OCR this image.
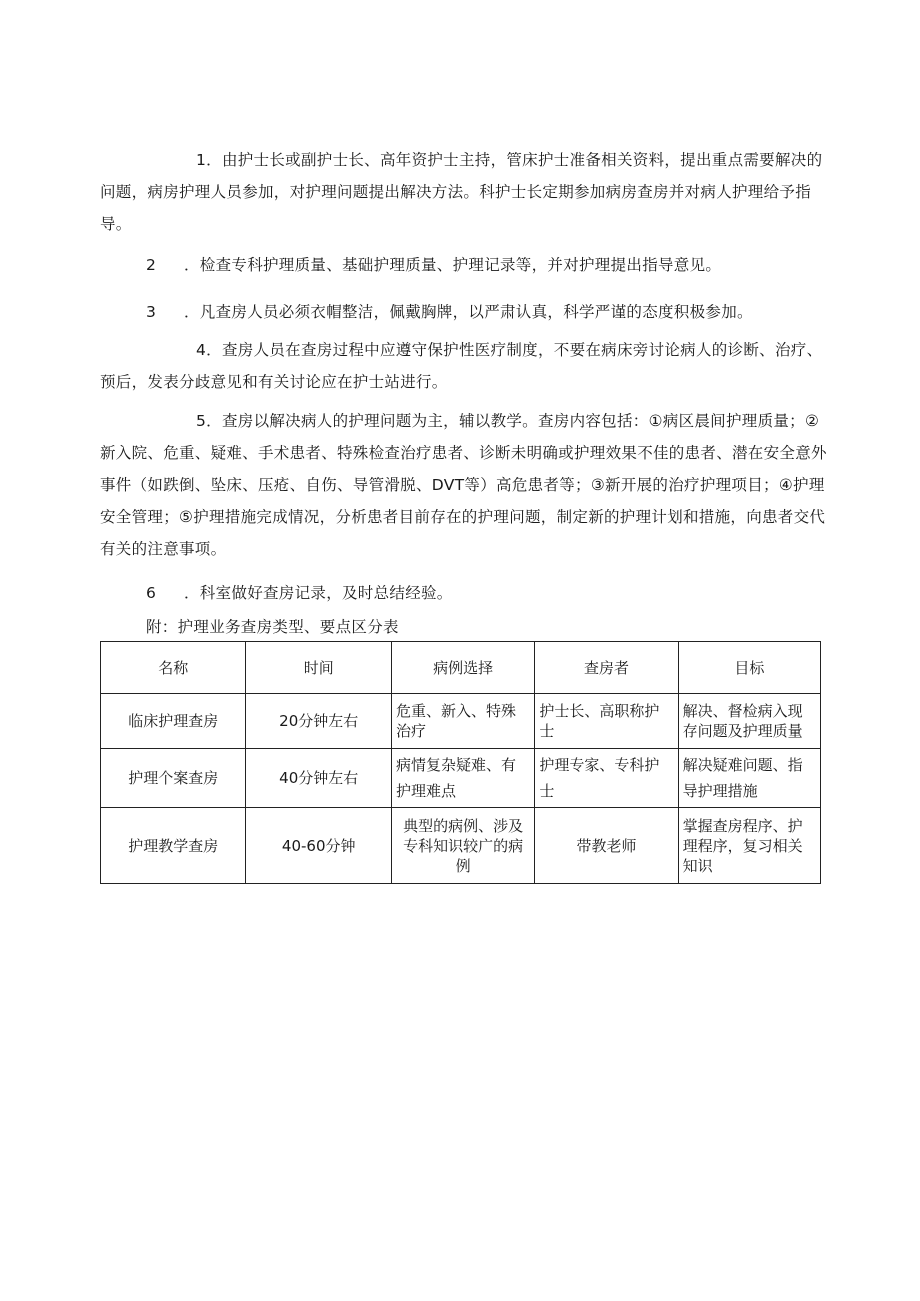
1．由护士长或副护士长、高年资护士主持，管床护士准备相关资料，提出重点需要解决的问题，病房护理人员参加，对护理问题提出解决方法。科护士长定期参加病房查房并对病人护理给予指导。

2 ．检查专科护理质量、基础护理质量、护理记录等，并对护理提出指导意见。

3 ．凡查房人员必须衣帽整洁，佩戴胸牌，以严肃认真，科学严谨的态度积极参加。

4．查房人员在查房过程中应遵守保护性医疗制度，不要在病床旁讨论病人的诊断、治疗、预后，发表分歧意见和有关讨论应在护士站进行。

5．查房以解决病人的护理问题为主，辅以教学。查房内容包括：①病区晨间护理质量；②新入院、危重、疑难、手术患者、特殊检查治疗患者、诊断未明确或护理效果不佳的患者、潜在安全意外事件（如跌倒、坠床、压疮、自伤、导管滑脱、DVT等）高危患者等；③新开展的治疗护理项目；④护理安全管理；⑤护理措施完成情况，分析患者目前存在的护理问题，制定新的护理计划和措施，向患者交代有关的注意事项。

6 ．科室做好查房记录，及时总结经验。

附：护理业务查房类型、要点区分表

名称	时间	病例选择	查房者	目标
临床护理查房	20分钟左右	危重、新入、特殊治疗	护士长、高职称护士	解决、督检病入现存问题及护理质量
护理个案查房	40分钟左右	病情复杂疑难、有护理难点	护理专家、专科护士	解决疑难问题、指导护理措施
护理教学查房	40-60分钟	典型的病例、涉及专科知识较广的病例	带教老师	掌握查房程序、护理程序，复习相关知识
